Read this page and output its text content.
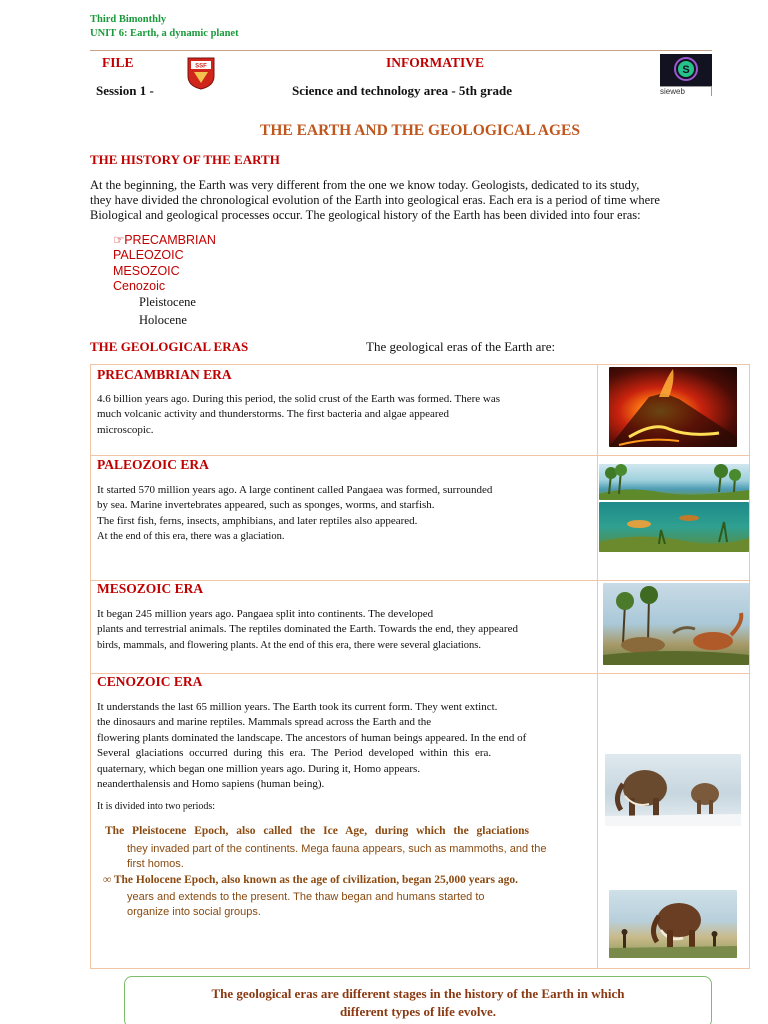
Third Bimonthly
UNIT 6: Earth, a dynamic planet
FILE	SSF	INFORMATIVE	S
sieweb
Session 1 -	Science and technology area - 5th grade
THE EARTH AND THE GEOLOGICAL AGES
THE HISTORY OF THE EARTH
At the beginning, the Earth was very different from the one we know today. Geologists, dedicated to its study,
they have divided the chronological evolution of the Earth into geological eras. Each era is a period of time where
Biological and geological processes occur. The geological history of the Earth has been divided into four eras:
☞PRECAMBRIAN
PALEOZOIC
MESOZOIC
Cenozoic
Pleistocene
Holocene
THE GEOLOGICAL ERAS	The geological eras of the Earth are:
PRECAMBRIAN ERA
4.6 billion years ago. During this period, the solid crust of the Earth was formed. There was
much volcanic activity and thunderstorms. The first bacteria and algae appeared
microscopic.
PALEOZOIC ERA
It started 570 million years ago. A large continent called Pangaea was formed, surrounded
by sea. Marine invertebrates appeared, such as sponges, worms, and starfish.
The first fish, ferns, insects, amphibians, and later reptiles also appeared.
At the end of this era, there was a glaciation.
MESOZOIC ERA
It began 245 million years ago. Pangaea split into continents. The developed
plants and terrestrial animals. The reptiles dominated the Earth. Towards the end, they appeared
birds, mammals, and flowering plants. At the end of this era, there were several glaciations.
CENOZOIC ERA
It understands the last 65 million years. The Earth took its current form. They went extinct.
the dinosaurs and marine reptiles. Mammals spread across the Earth and the
flowering plants dominated the landscape. The ancestors of human beings appeared. In the end of
Several glaciations occurred during this era. The Period developed within this era.
quaternary, which began one million years ago. During it, Homo appears.
neanderthalensis and Homo sapiens (human being).
It is divided into two periods:
The Pleistocene Epoch, also called the Ice Age, during which the glaciations
they invaded part of the continents. Mega fauna appears, such as mammoths, and the
first homos.
∞ The Holocene Epoch, also known as the age of civilization, began 25,000 years ago.
years and extends to the present. The thaw began and humans started to
organize into social groups.
The geological eras are different stages in the history of the Earth in which
different types of life evolve.
